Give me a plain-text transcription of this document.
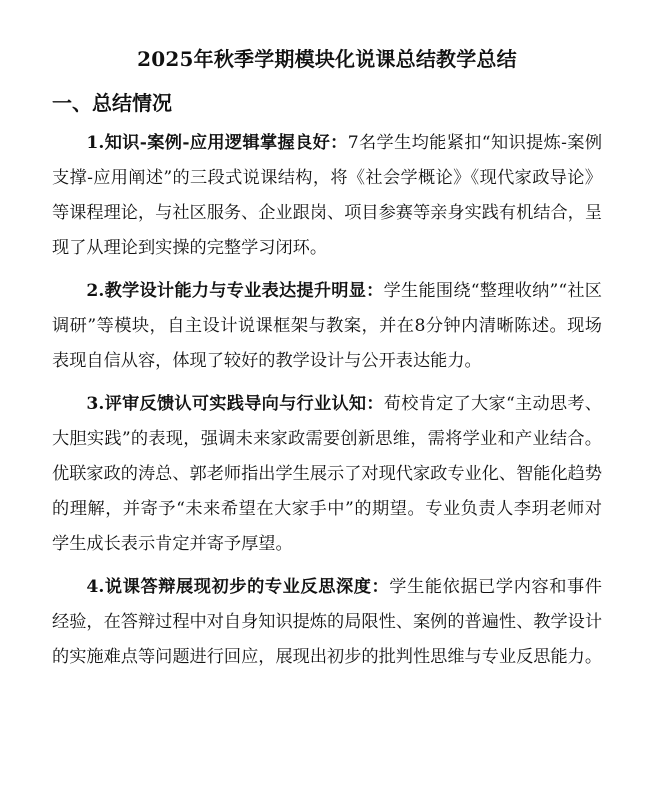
2025年秋季学期模块化说课总结教学总结
一、总结情况

1.知识-案例-应用逻辑掌握良好：7名学生均能紧扣“知识提炼-案例支撑-应用阐述”的三段式说课结构，将《社会学概论》《现代家政导论》等课程理论，与社区服务、企业跟岗、项目参赛等亲身实践有机结合，呈现了从理论到实操的完整学习闭环。

2.教学设计能力与专业表达提升明显：学生能围绕“整理收纳”“社区调研”等模块，自主设计说课框架与教案，并在8分钟内清晰陈述。现场表现自信从容，体现了较好的教学设计与公开表达能力。

3.评审反馈认可实践导向与行业认知：荀校肯定了大家“主动思考、大胆实践”的表现，强调未来家政需要创新思维，需将学业和产业结合。优联家政的涛总、郭老师指出学生展示了对现代家政专业化、智能化趋势的理解，并寄予“未来希望在大家手中”的期望。专业负责人李玥老师对学生成长表示肯定并寄予厚望。

4.说课答辩展现初步的专业反思深度：学生能依据已学内容和事件经验，在答辩过程中对自身知识提炼的局限性、案例的普遍性、教学设计的实施难点等问题进行回应，展现出初步的批判性思维与专业反思能力。
